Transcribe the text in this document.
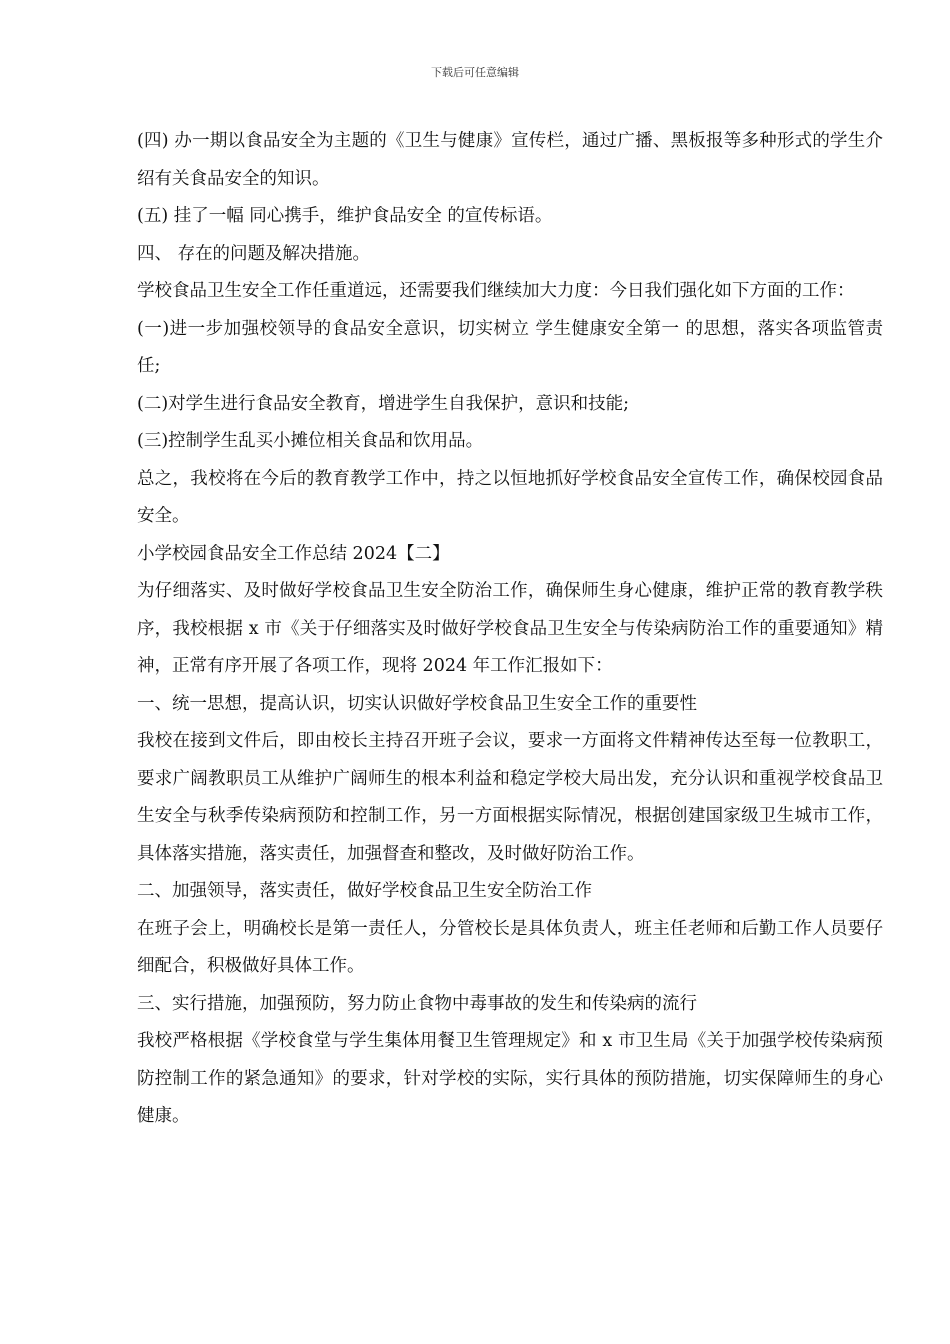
下载后可任意编辑

(四) 办一期以食品安全为主题的《卫生与健康》宣传栏，通过广播、黑板报等多种形式的学生介绍有关食品安全的知识。

(五) 挂了一幅 同心携手，维护食品安全 的宣传标语。

四、 存在的问题及解决措施。

学校食品卫生安全工作任重道远，还需要我们继续加大力度：今日我们强化如下方面的工作：

(一)进一步加强校领导的食品安全意识，切实树立 学生健康安全第一 的思想，落实各项监管责任;

(二)对学生进行食品安全教育，增进学生自我保护，意识和技能;

(三)控制学生乱买小摊位相关食品和饮用品。

总之，我校将在今后的教育教学工作中，持之以恒地抓好学校食品安全宣传工作，确保校园食品安全。

小学校园食品安全工作总结 2024【二】

为仔细落实、及时做好学校食品卫生安全防治工作，确保师生身心健康，维护正常的教育教学秩序，我校根据 x 市《关于仔细落实及时做好学校食品卫生安全与传染病防治工作的重要通知》精神，正常有序开展了各项工作，现将 2024 年工作汇报如下：

一、统一思想，提高认识，切实认识做好学校食品卫生安全工作的重要性

我校在接到文件后，即由校长主持召开班子会议，要求一方面将文件精神传达至每一位教职工，要求广阔教职员工从维护广阔师生的根本利益和稳定学校大局出发，充分认识和重视学校食品卫生安全与秋季传染病预防和控制工作，另一方面根据实际情况，根据创建国家级卫生城市工作，具体落实措施，落实责任，加强督查和整改，及时做好防治工作。

二、加强领导，落实责任，做好学校食品卫生安全防治工作

在班子会上，明确校长是第一责任人，分管校长是具体负责人，班主任老师和后勤工作人员要仔细配合，积极做好具体工作。

三、实行措施，加强预防，努力防止食物中毒事故的发生和传染病的流行

我校严格根据《学校食堂与学生集体用餐卫生管理规定》和 x 市卫生局《关于加强学校传染病预防控制工作的紧急通知》的要求，针对学校的实际，实行具体的预防措施，切实保障师生的身心健康。
